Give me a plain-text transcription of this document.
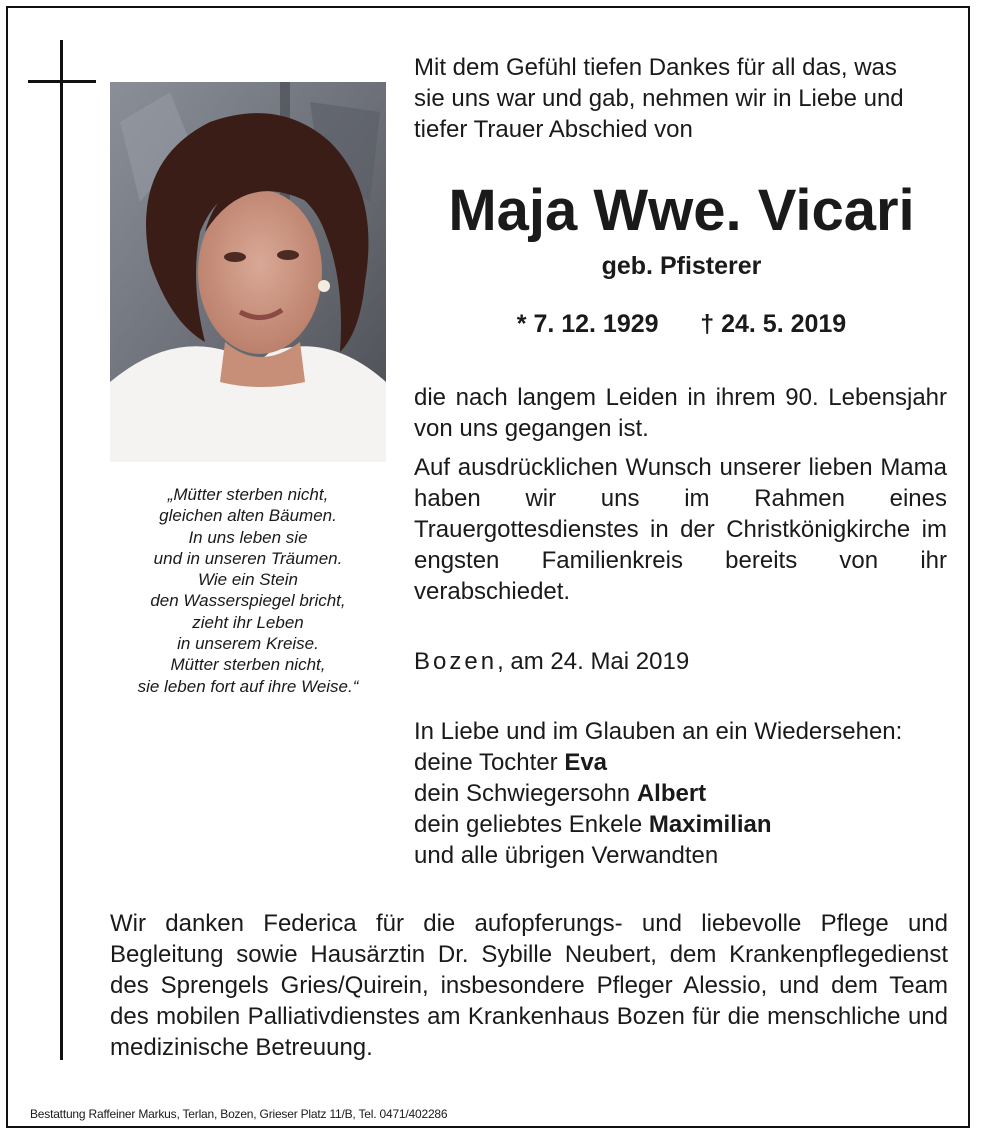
„Mütter sterben nicht,
gleichen alten Bäumen.
In uns leben sie
und in unseren Träumen.
Wie ein Stein
den Wasserspiegel bricht,
zieht ihr Leben
in unserem Kreise.
Mütter sterben nicht,
sie leben fort auf ihre Weise.“
Mit dem Gefühl tiefen Dankes für all das, was
sie uns war und gab, nehmen wir in Liebe und
tiefer Trauer Abschied von
Maja Wwe. Vicari
geb. Pfisterer
* 7. 12. 1929 † 24. 5. 2019
die nach langem Leiden in ihrem 90. Lebensjahr von uns gegangen ist.
Auf ausdrücklichen Wunsch unserer lieben Mama haben wir uns im Rahmen eines Trauergottesdienstes in der Christkönigkirche im engsten Familienkreis bereits von ihr verabschiedet.
Bozen, am 24. Mai 2019
In Liebe und im Glauben an ein Wiedersehen:
deine Tochter Eva
dein Schwiegersohn Albert
dein geliebtes Enkele Maximilian
und alle übrigen Verwandten
Wir danken Federica für die aufopferungs- und liebevolle Pflege und Begleitung sowie Hausärztin Dr. Sybille Neubert, dem Krankenpflegedienst des Sprengels Gries/Quirein, insbesondere Pfleger Alessio, und dem Team des mobilen Palliativdienstes am Krankenhaus Bozen für die menschliche und medizinische Betreuung.
Bestattung Raffeiner Markus, Terlan, Bozen, Grieser Platz 11/B, Tel. 0471/402286
